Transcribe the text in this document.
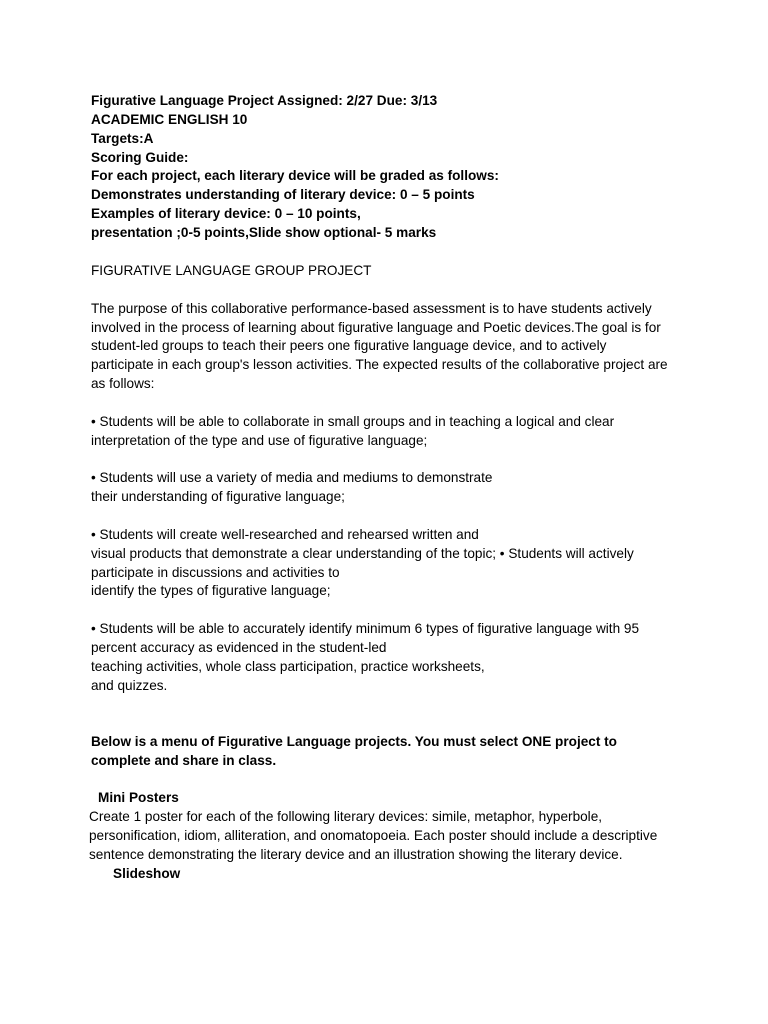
Figurative Language Project Assigned: 2/27 Due: 3/13
ACADEMIC ENGLISH 10
Targets:A
Scoring Guide:
For each project, each literary device will be graded as follows:
Demonstrates understanding of literary device: 0 – 5 points
Examples of literary device: 0 – 10 points,
presentation ;0-5 points,Slide show optional- 5 marks
FIGURATIVE LANGUAGE GROUP PROJECT
The purpose of this collaborative performance-based assessment is to have students actively
involved in the process of learning about figurative language and Poetic devices.The goal is for
student-led groups to teach their peers one figurative language device, and to actively
participate in each group's lesson activities. The expected results of the collaborative project are
as follows:
• Students will be able to collaborate in small groups and in teaching a logical and clear
interpretation of the type and use of figurative language;
• Students will use a variety of media and mediums to demonstrate
their understanding of figurative language;
• Students will create well-researched and rehearsed written and
visual products that demonstrate a clear understanding of the topic; • Students will actively
participate in discussions and activities to
identify the types of figurative language;
• Students will be able to accurately identify minimum 6 types of figurative language with 95
percent accuracy as evidenced in the student-led
teaching activities, whole class participation, practice worksheets,
and quizzes.
Below is a menu of Figurative Language projects. You must select ONE project to
complete and share in class.
Mini Posters
Create 1 poster for each of the following literary devices: simile, metaphor, hyperbole,
personification, idiom, alliteration, and onomatopoeia. Each poster should include a descriptive
sentence demonstrating the literary device and an illustration showing the literary device.
Slideshow
